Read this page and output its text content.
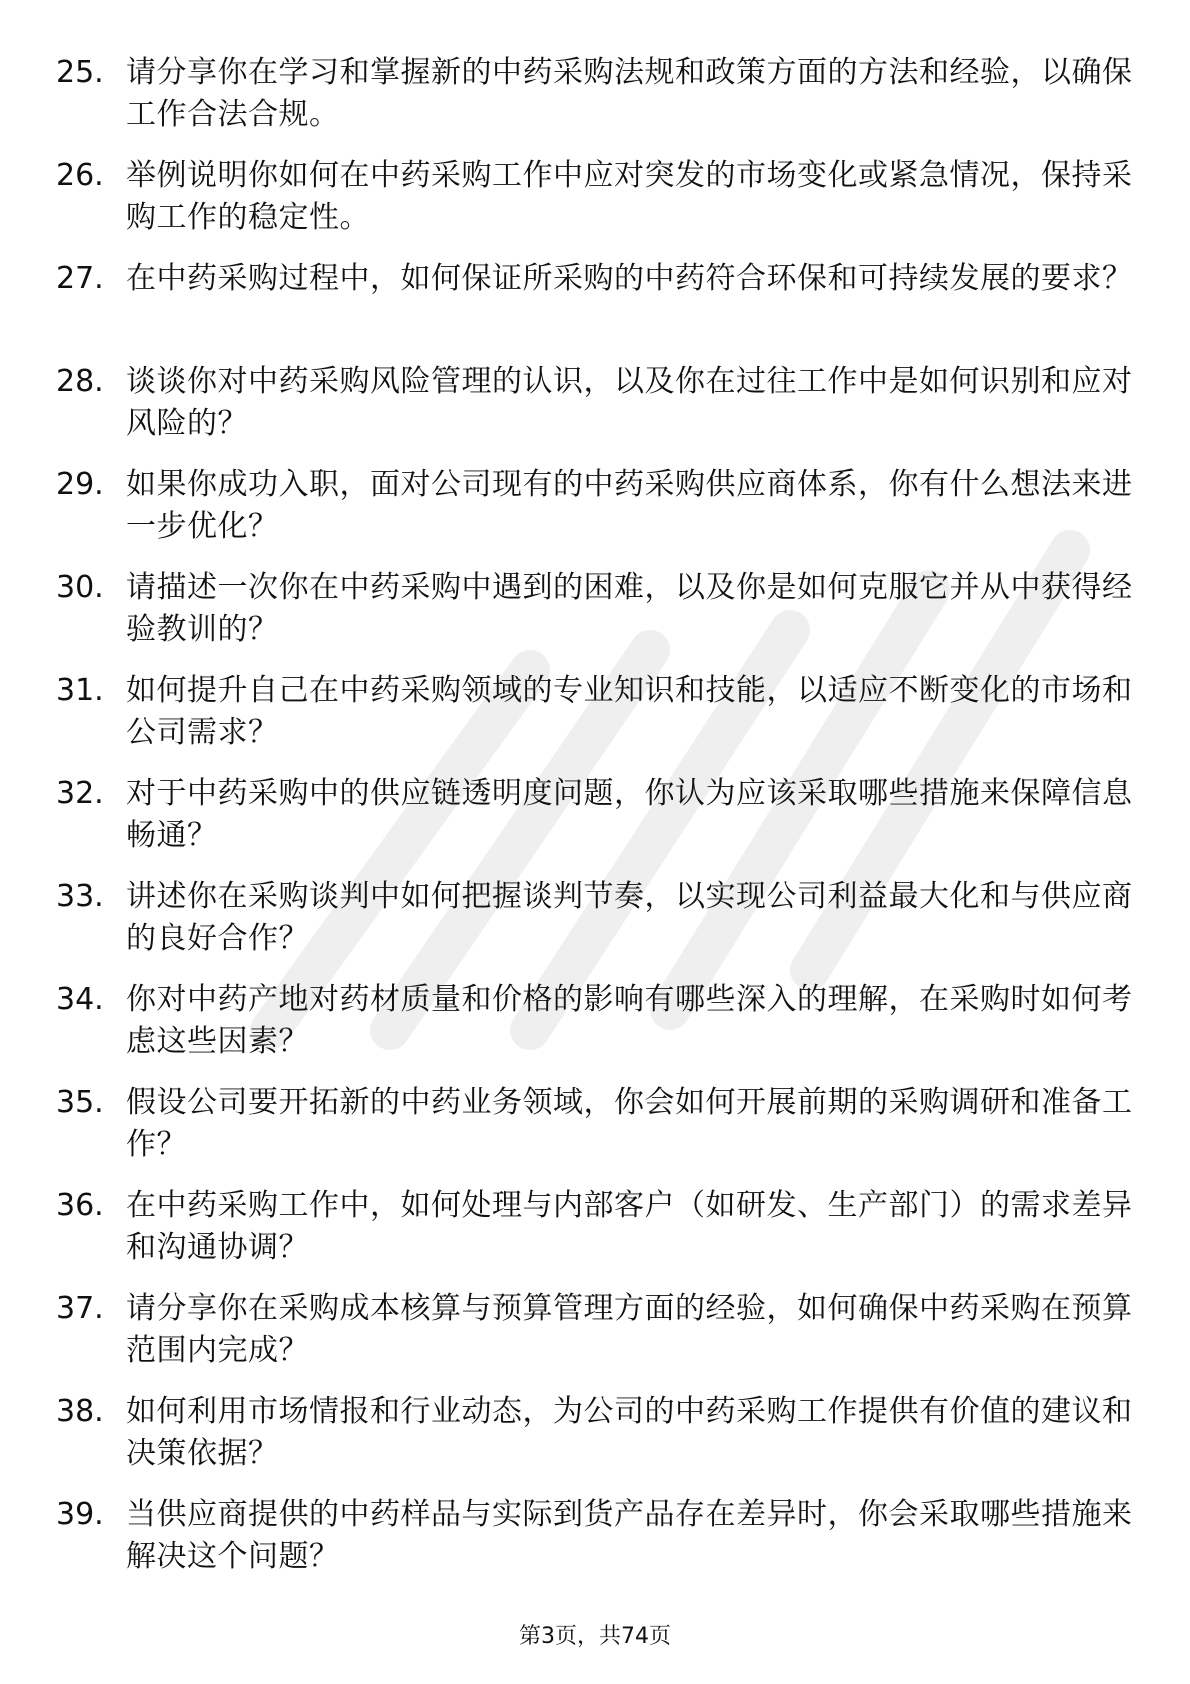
25. 请分享你在学习和掌握新的中药采购法规和政策方面的方法和经验，以确保工作合法合规。
26. 举例说明你如何在中药采购工作中应对突发的市场变化或紧急情况，保持采购工作的稳定性。
27. 在中药采购过程中，如何保证所采购的中药符合环保和可持续发展的要求？
28. 谈谈你对中药采购风险管理的认识，以及你在过往工作中是如何识别和应对风险的？
29. 如果你成功入职，面对公司现有的中药采购供应商体系，你有什么想法来进一步优化？
30. 请描述一次你在中药采购中遇到的困难，以及你是如何克服它并从中获得经验教训的？
31. 如何提升自己在中药采购领域的专业知识和技能，以适应不断变化的市场和公司需求？
32. 对于中药采购中的供应链透明度问题，你认为应该采取哪些措施来保障信息畅通？
33. 讲述你在采购谈判中如何把握谈判节奏，以实现公司利益最大化和与供应商的良好合作？
34. 你对中药产地对药材质量和价格的影响有哪些深入的理解，在采购时如何考虑这些因素？
35. 假设公司要开拓新的中药业务领域，你会如何开展前期的采购调研和准备工作？
36. 在中药采购工作中，如何处理与内部客户（如研发、生产部门）的需求差异和沟通协调？
37. 请分享你在采购成本核算与预算管理方面的经验，如何确保中药采购在预算范围内完成？
38. 如何利用市场情报和行业动态，为公司的中药采购工作提供有价值的建议和决策依据？
39. 当供应商提供的中药样品与实际到货产品存在差异时，你会采取哪些措施来解决这个问题？
第3页，共74页
